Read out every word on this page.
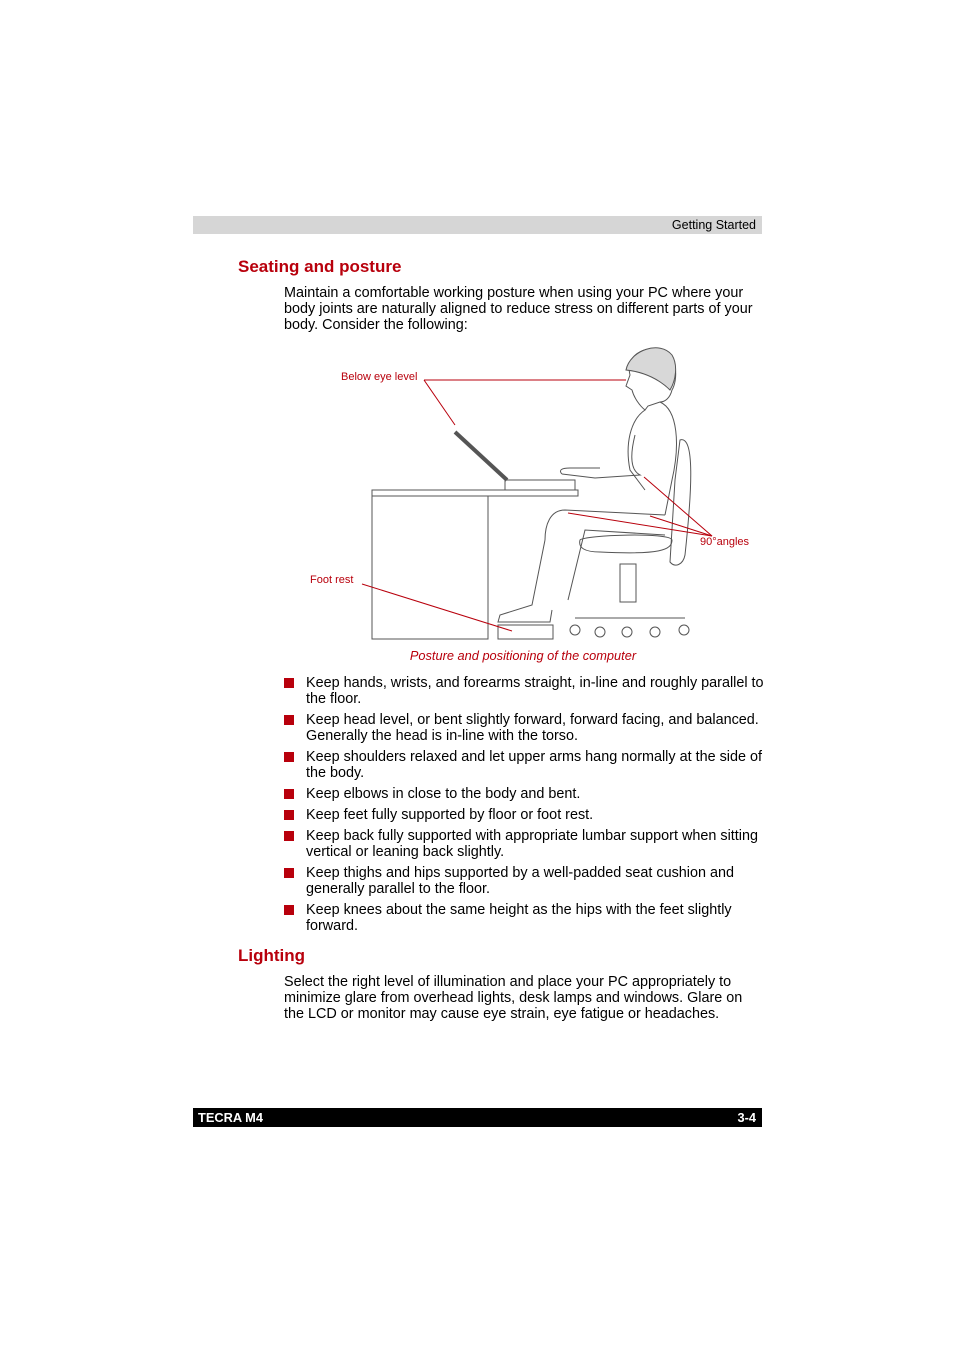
Getting Started
Seating and posture

Maintain a comfortable working posture when using your PC where your body joints are naturally aligned to reduce stress on different parts of your body. Consider the following:

Below eye level
90°angles
Foot rest
Posture and positioning of the computer
Keep hands, wrists, and forearms straight, in-line and roughly parallel to the floor.
Keep head level, or bent slightly forward, forward facing, and balanced. Generally the head is in-line with the torso.
Keep shoulders relaxed and let upper arms hang normally at the side of the body.
Keep elbows in close to the body and bent.
Keep feet fully supported by floor or foot rest.
Keep back fully supported with appropriate lumbar support when sitting vertical or leaning back slightly.
Keep thighs and hips supported by a well-padded seat cushion and generally parallel to the floor.
Keep knees about the same height as the hips with the feet slightly forward.
Lighting

Select the right level of illumination and place your PC appropriately to minimize glare from overhead lights, desk lamps and windows. Glare on the LCD or monitor may cause eye strain, eye fatigue or headaches.

TECRA M4	3-4
